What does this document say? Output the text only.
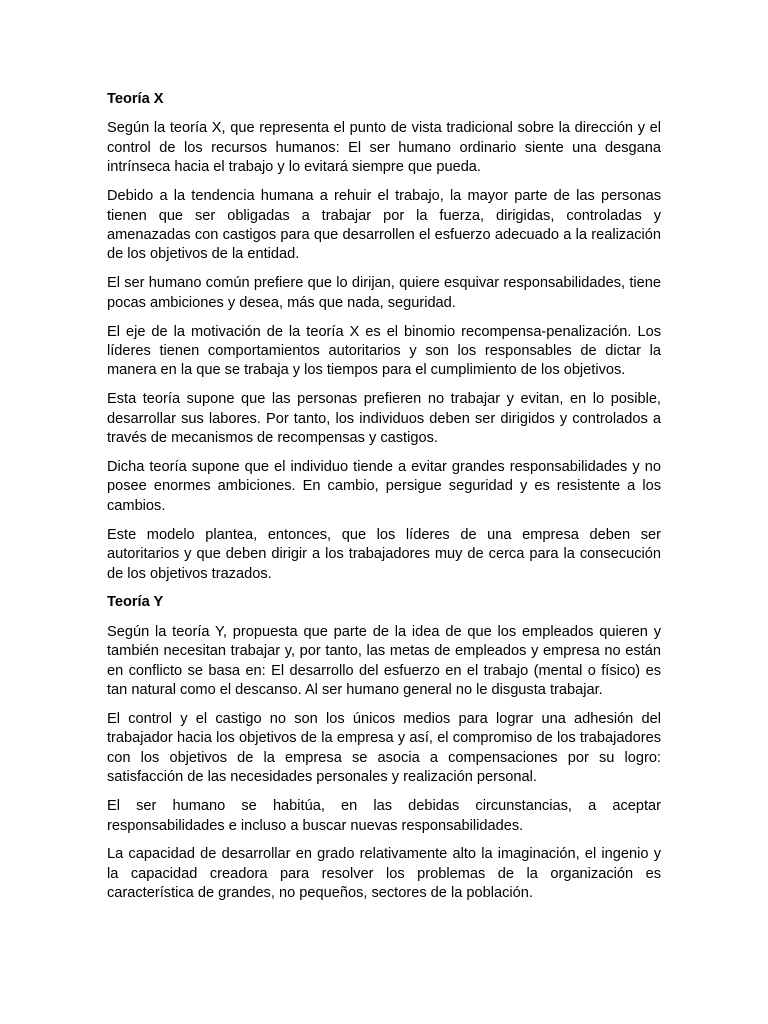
Teoría X

Según la teoría X, que representa el punto de vista tradicional sobre la dirección y el control de los recursos humanos: El ser humano ordinario siente una desgana intrínseca hacia el trabajo y lo evitará siempre que pueda.

Debido a la tendencia humana a rehuir el trabajo, la mayor parte de las personas tienen que ser obligadas a trabajar por la fuerza, dirigidas, controladas y amenazadas con castigos para que desarrollen el esfuerzo adecuado a la realización de los objetivos de la entidad.

El ser humano común prefiere que lo dirijan, quiere esquivar responsabilidades, tiene pocas ambiciones y desea, más que nada, seguridad.

El eje de la motivación de la teoría X es el binomio recompensa-penalización. Los líderes tienen comportamientos autoritarios y son los responsables de dictar la manera en la que se trabaja y los tiempos para el cumplimiento de los objetivos.

Esta teoría supone que las personas prefieren no trabajar y evitan, en lo posible, desarrollar sus labores. Por tanto, los individuos deben ser dirigidos y controlados a través de mecanismos de recompensas y castigos.

Dicha teoría supone que el individuo tiende a evitar grandes responsabilidades y no posee enormes ambiciones. En cambio, persigue seguridad y es resistente a los cambios.

Este modelo plantea, entonces, que los líderes de una empresa deben ser autoritarios y que deben dirigir a los trabajadores muy de cerca para la consecución de los objetivos trazados.

Teoría Y

Según la teoría Y, propuesta que parte de la idea de que los empleados quieren y también necesitan trabajar y, por tanto, las metas de empleados y empresa no están en conflicto se basa en: El desarrollo del esfuerzo en el trabajo (mental o físico) es tan natural como el descanso. Al ser humano general no le disgusta trabajar.

El control y el castigo no son los únicos medios para lograr una adhesión del trabajador hacia los objetivos de la empresa y así, el compromiso de los trabajadores con los objetivos de la empresa se asocia a compensaciones por su logro: satisfacción de las necesidades personales y realización personal.

El ser humano se habitúa, en las debidas circunstancias, a aceptar responsabilidades e incluso a buscar nuevas responsabilidades.

La capacidad de desarrollar en grado relativamente alto la imaginación, el ingenio y la capacidad creadora para resolver los problemas de la organización es característica de grandes, no pequeños, sectores de la población.
